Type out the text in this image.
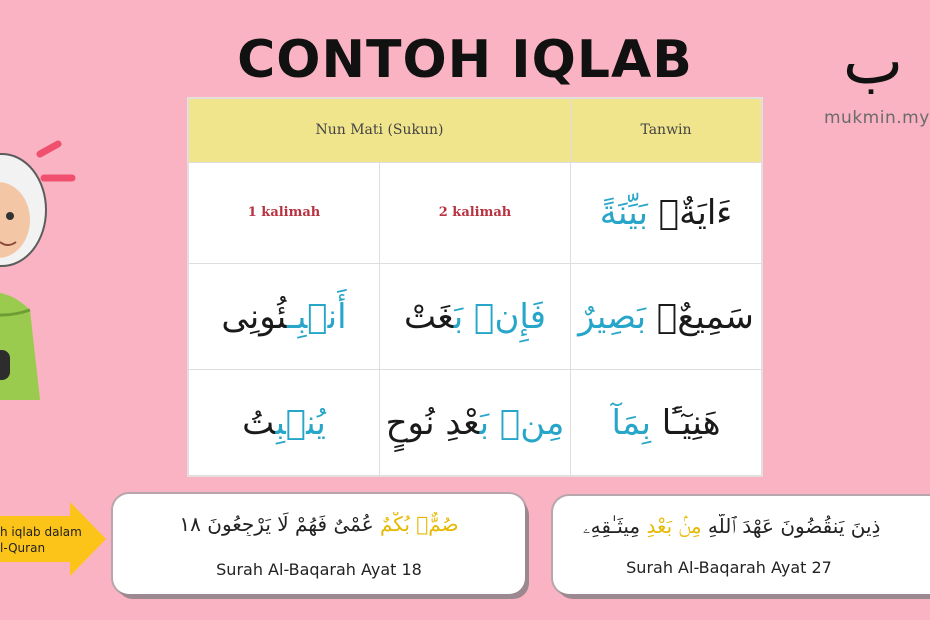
CONTOH IQLAB	ب
mukmin.my
Nun Mati (Sukun)		Tanwin
1 kalimah	2 kalimah	ءَايَةٌۢ بَيِّنَةً
أَنۢبِـئُونِى	فَإِنۢ بَغَتْ	سَمِيعٌۢ بَصِيرٌ
يُنۢبِتُ	مِنۢ بَعْدِ نُوحٍ	هَنِيٓـًٔا بِمَآ
h iqlab dalam
l-Quran
صُمٌّۢ بُكْمٌ عُمْىٌ فَهُمْ لَا يَرْجِعُونَ ١٨
Surah Al-Baqarah Ayat 18
ذِينَ يَنقُضُونَ عَهْدَ ٱللَّهِ مِنۢ بَعْدِ مِيثَـٰقِهِۦ
Surah Al-Baqarah Ayat 27
